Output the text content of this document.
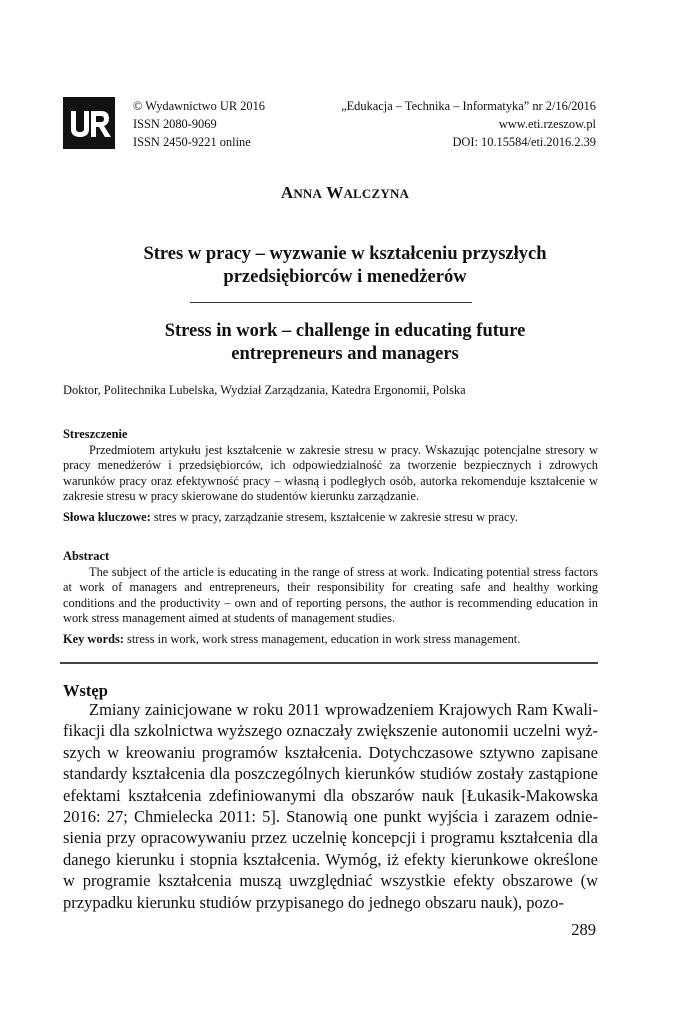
© Wydawnictwo UR 2016
ISSN 2080-9069
ISSN 2450-9221 online
„Edukacja – Technika – Informatyka” nr 2/16/2016
www.eti.rzeszow.pl
DOI: 10.15584/eti.2016.2.39
ANNA WALCZYNA
Stres w pracy – wyzwanie w kształceniu przyszłych
przedsiębiorców i menedżerów
Stress in work – challenge in educating future
entrepreneurs and managers
Doktor, Politechnika Lubelska, Wydział Zarządzania, Katedra Ergonomii, Polska
Streszczenie
Przedmiotem artykułu jest kształcenie w zakresie stresu w pracy. Wskazując potencjalne stresory w pracy menedżerów i przedsiębiorców, ich odpowiedzialność za tworzenie bezpiecznych i zdrowych warunków pracy oraz efektywność pracy – własną i podległych osób, autorka rekomenduje kształcenie w zakresie stresu w pracy skierowane do studentów kierunku zarządzanie.
Słowa kluczowe: stres w pracy, zarządzanie stresem, kształcenie w zakresie stresu w pracy.
Abstract
The subject of the article is educating in the range of stress at work. Indicating potential stress factors at work of managers and entrepreneurs, their responsibility for creating safe and healthy working conditions and the productivity – own and of reporting persons, the author is recommending education in work stress management aimed at students of management studies.
Key words: stress in work, work stress management, education in work stress management.
Wstęp

Zmiany zainicjowane w roku 2011 wprowadzeniem Krajowych Ram Kwalifikacji dla szkolnictwa wyższego oznaczały zwiększenie autonomii uczelni wyższych w kreowaniu programów kształcenia. Dotychczasowe sztywno zapisane standardy kształcenia dla poszczególnych kierunków studiów zostały zastąpione efektami kształcenia zdefiniowanymi dla obszarów nauk [Łukasik-Makowska 2016: 27; Chmielecka 2011: 5]. Stanowią one punkt wyjścia i zarazem odniesienia przy opracowywaniu przez uczelnię koncepcji i programu kształcenia dla danego kierunku i stopnia kształcenia. Wymóg, iż efekty kierunkowe określone w programie kształcenia muszą uwzględniać wszystkie efekty obszarowe (w przypadku kierunku studiów przypisanego do jednego obszaru nauk), pozo-

289
